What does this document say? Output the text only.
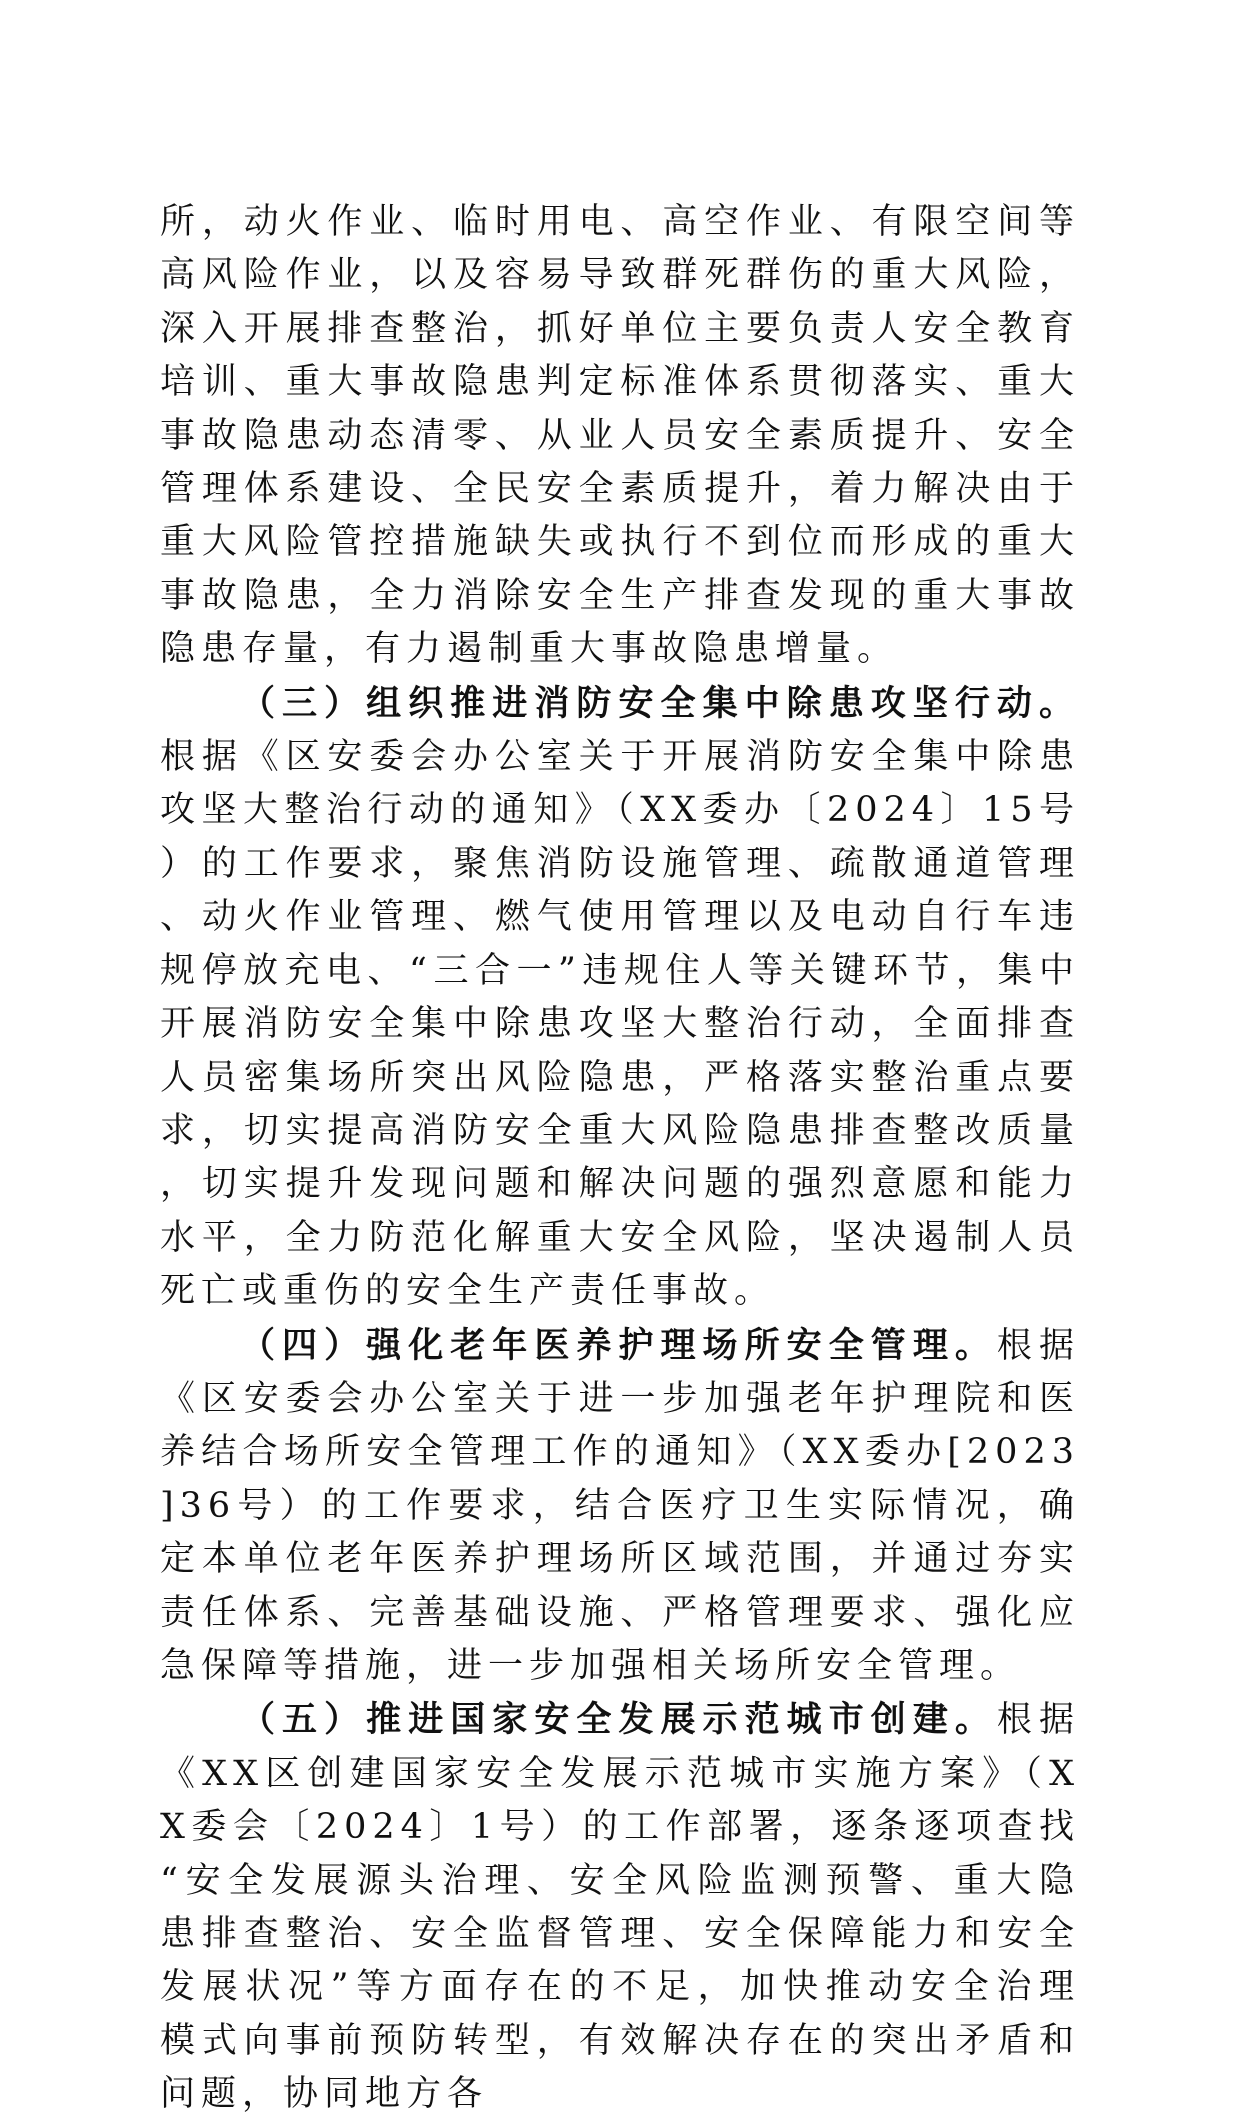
所，动火作业、临时用电、高空作业、有限空间等高风险作业，以及容易导致群死群伤的重大风险，深入开展排查整治，抓好单位主要负责人安全教育培训、重大事故隐患判定标准体系贯彻落实、重大事故隐患动态清零、从业人员安全素质提升、安全管理体系建设、全民安全素质提升，着力解决由于重大风险管控措施缺失或执行不到位而形成的重大事故隐患，全力消除安全生产排查发现的重大事故隐患存量，有力遏制重大事故隐患增量。

（三）组织推进消防安全集中除患攻坚行动。根据《区安委会办公室关于开展消防安全集中除患攻坚大整治行动的通知》（XX委办〔2024〕15号）的工作要求，聚焦消防设施管理、疏散通道管理、动火作业管理、燃气使用管理以及电动自行车违规停放充电、“三合一”违规住人等关键环节，集中开展消防安全集中除患攻坚大整治行动，全面排查人员密集场所突出风险隐患，严格落实整治重点要求，切实提高消防安全重大风险隐患排查整改质量，切实提升发现问题和解决问题的强烈意愿和能力水平，全力防范化解重大安全风险，坚决遏制人员死亡或重伤的安全生产责任事故。

（四）强化老年医养护理场所安全管理。根据《区安委会办公室关于进一步加强老年护理院和医养结合场所安全管理工作的通知》（XX委办[2023]36号）的工作要求，结合医疗卫生实际情况，确定本单位老年医养护理场所区域范围，并通过夯实责任体系、完善基础设施、严格管理要求、强化应急保障等措施，进一步加强相关场所安全管理。

（五）推进国家安全发展示范城市创建。根据《XX区创建国家安全发展示范城市实施方案》（XX委会〔2024〕1号）的工作部署，逐条逐项查找“安全发展源头治理、安全风险监测预警、重大隐患排查整治、安全监督管理、安全保障能力和安全发展状况”等方面存在的不足，加快推动安全治理模式向事前预防转型，有效解决存在的突出矛盾和问题，协同地方各
